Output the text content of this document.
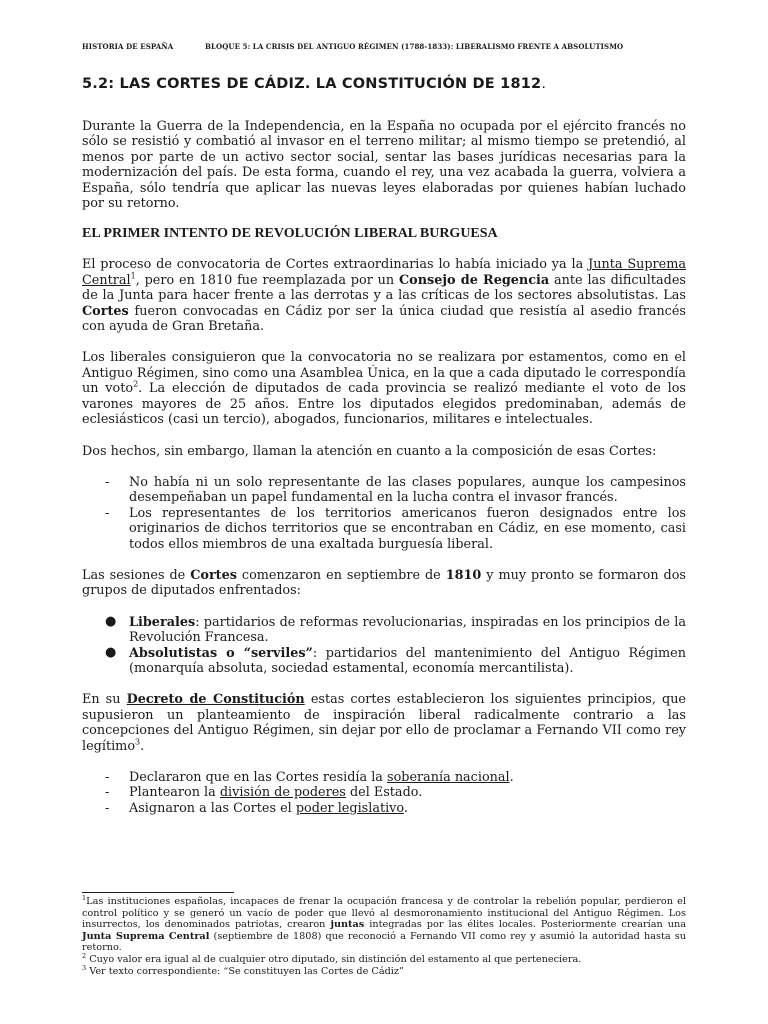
HISTORIA DE ESPAÑA	BLOQUE 5: LA CRISIS DEL ANTIGUO RÉGIMEN (1788-1833): LIBERALISMO FRENTE A ABSOLUTISMO
5.2: LAS CORTES DE CÁDIZ. LA CONSTITUCIÓN DE 1812.

Durante la Guerra de la Independencia, en la España no ocupada por el ejército francés no sólo se resistió y combatió al invasor en el terreno militar; al mismo tiempo se pretendió, al menos por parte de un activo sector social, sentar las bases jurídicas necesarias para la modernización del país. De esta forma, cuando el rey, una vez acabada la guerra, volviera a España, sólo tendría que aplicar las nuevas leyes elaboradas por quienes habían luchado por su retorno.

EL PRIMER INTENTO DE REVOLUCIÓN LIBERAL BURGUESA

El proceso de convocatoria de Cortes extraordinarias lo había iniciado ya la Junta Suprema Central$^1$, pero en 1810 fue reemplazada por un Consejo de Regencia ante las dificultades de la Junta para hacer frente a las derrotas y a las críticas de los sectores absolutistas. Las Cortes fueron convocadas en Cádiz por ser la única ciudad que resistía al asedio francés con ayuda de Gran Bretaña.

Los liberales consiguieron que la convocatoria no se realizara por estamentos, como en el Antiguo Régimen, sino como una Asamblea Única, en la que a cada diputado le correspondía un voto$^2$. La elección de diputados de cada provincia se realizó mediante el voto de los varones mayores de 25 años. Entre los diputados elegidos predominaban, además de eclesiásticos (casi un tercio), abogados, funcionarios, militares e intelectuales.

Dos hechos, sin embargo, llaman la atención en cuanto a la composición de esas Cortes:

- No había ni un solo representante de las clases populares, aunque los campesinos desempeñaban un papel fundamental en la lucha contra el invasor francés.
- Los representantes de los territorios americanos fueron designados entre los originarios de dichos territorios que se encontraban en Cádiz, en ese momento, casi todos ellos miembros de una exaltada burguesía liberal.

Las sesiones de Cortes comenzaron en septiembre de 1810 y muy pronto se formaron dos grupos de diputados enfrentados:

● Liberales: partidarios de reformas revolucionarias, inspiradas en los principios de la Revolución Francesa.
● Absolutistas o “serviles”: partidarios del mantenimiento del Antiguo Régimen (monarquía absoluta, sociedad estamental, economía mercantilista).

En su Decreto de Constitución estas cortes establecieron los siguientes principios, que supusieron un planteamiento de inspiración liberal radicalmente contrario a las concepciones del Antiguo Régimen, sin dejar por ello de proclamar a Fernando VII como rey legítimo$^3$.

- Declararon que en las Cortes residía la soberanía nacional.
- Plantearon la división de poderes del Estado.
- Asignaron a las Cortes el poder legislativo.

$^1$Las instituciones españolas, incapaces de frenar la ocupación francesa y de controlar la rebelión popular, perdieron el control político y se generó un vacío de poder que llevó al desmoronamiento institucional del Antiguo Régimen. Los insurrectos, los denominados patriotas, crearon juntas integradas por las élites locales. Posteriormente crearían una Junta Suprema Central (septiembre de 1808) que reconoció a Fernando VII como rey y asumió la autoridad hasta su retorno.

$^2$ Cuyo valor era igual al de cualquier otro diputado, sin distinción del estamento al que perteneciera.

$^3$ Ver texto correspondiente: “Se constituyen las Cortes de Cádiz”
